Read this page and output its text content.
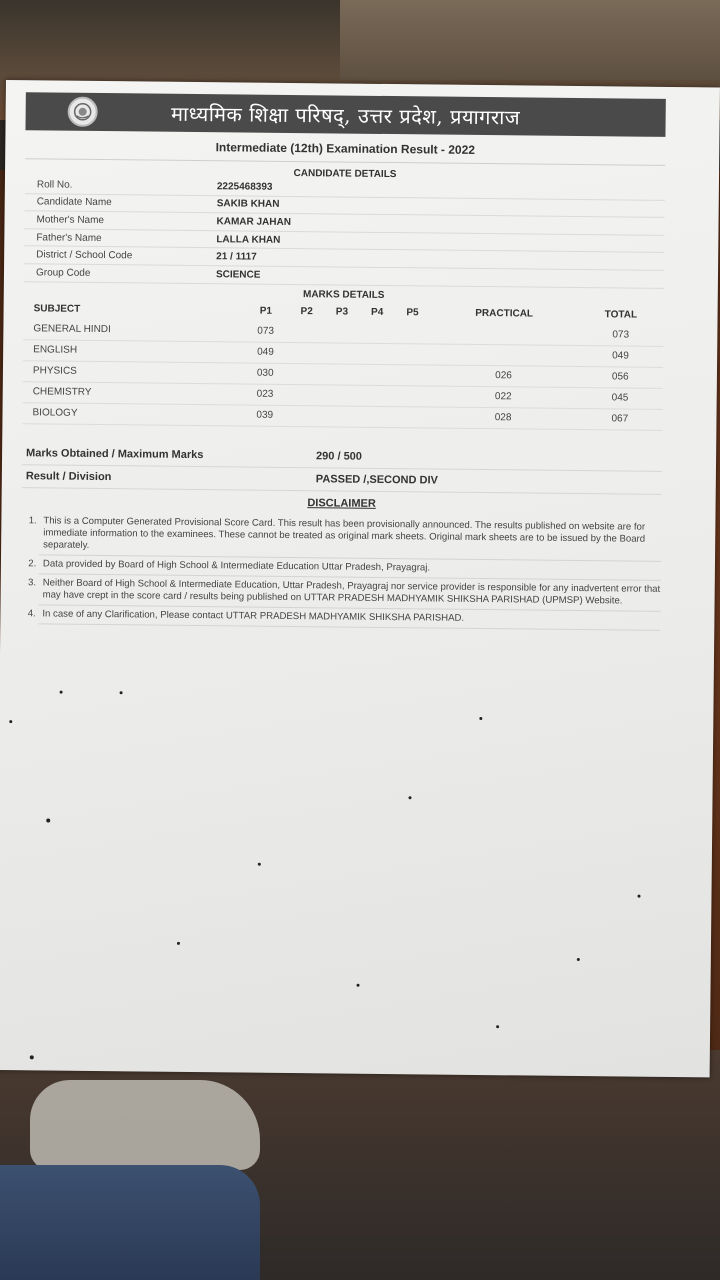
माध्यमिक शिक्षा परिषद्, उत्तर प्रदेश, प्रयागराज
Intermediate (12th) Examination Result - 2022
CANDIDATE DETAILS
Roll No.	2225468393
Candidate Name	SAKIB KHAN
Mother's Name	KAMAR JAHAN
Father's Name	LALLA KHAN
District / School Code	21 / 1117
Group Code	SCIENCE
MARKS DETAILS
SUBJECT	P1	P2	P3	P4	P5	PRACTICAL	TOTAL
GENERAL HINDI	073						073
ENGLISH	049						049
PHYSICS	030					026	056
CHEMISTRY	023					022	045
BIOLOGY	039					028	067
Marks Obtained / Maximum Marks	290 / 500
Result / Division	PASSED /,SECOND DIV
DISCLAIMER
1. This is a Computer Generated Provisional Score Card. This result has been provisionally announced. The results published on website are for immediate information to the examinees. These cannot be treated as original mark sheets. Original mark sheets are to be issued by the Board separately.
2. Data provided by Board of High School & Intermediate Education Uttar Pradesh, Prayagraj.
3. Neither Board of High School & Intermediate Education, Uttar Pradesh, Prayagraj nor service provider is responsible for any inadvertent error that may have crept in the score card / results being published on UTTAR PRADESH MADHYAMIK SHIKSHA PARISHAD (UPMSP) Website.
4. In case of any Clarification, Please contact UTTAR PRADESH MADHYAMIK SHIKSHA PARISHAD.
